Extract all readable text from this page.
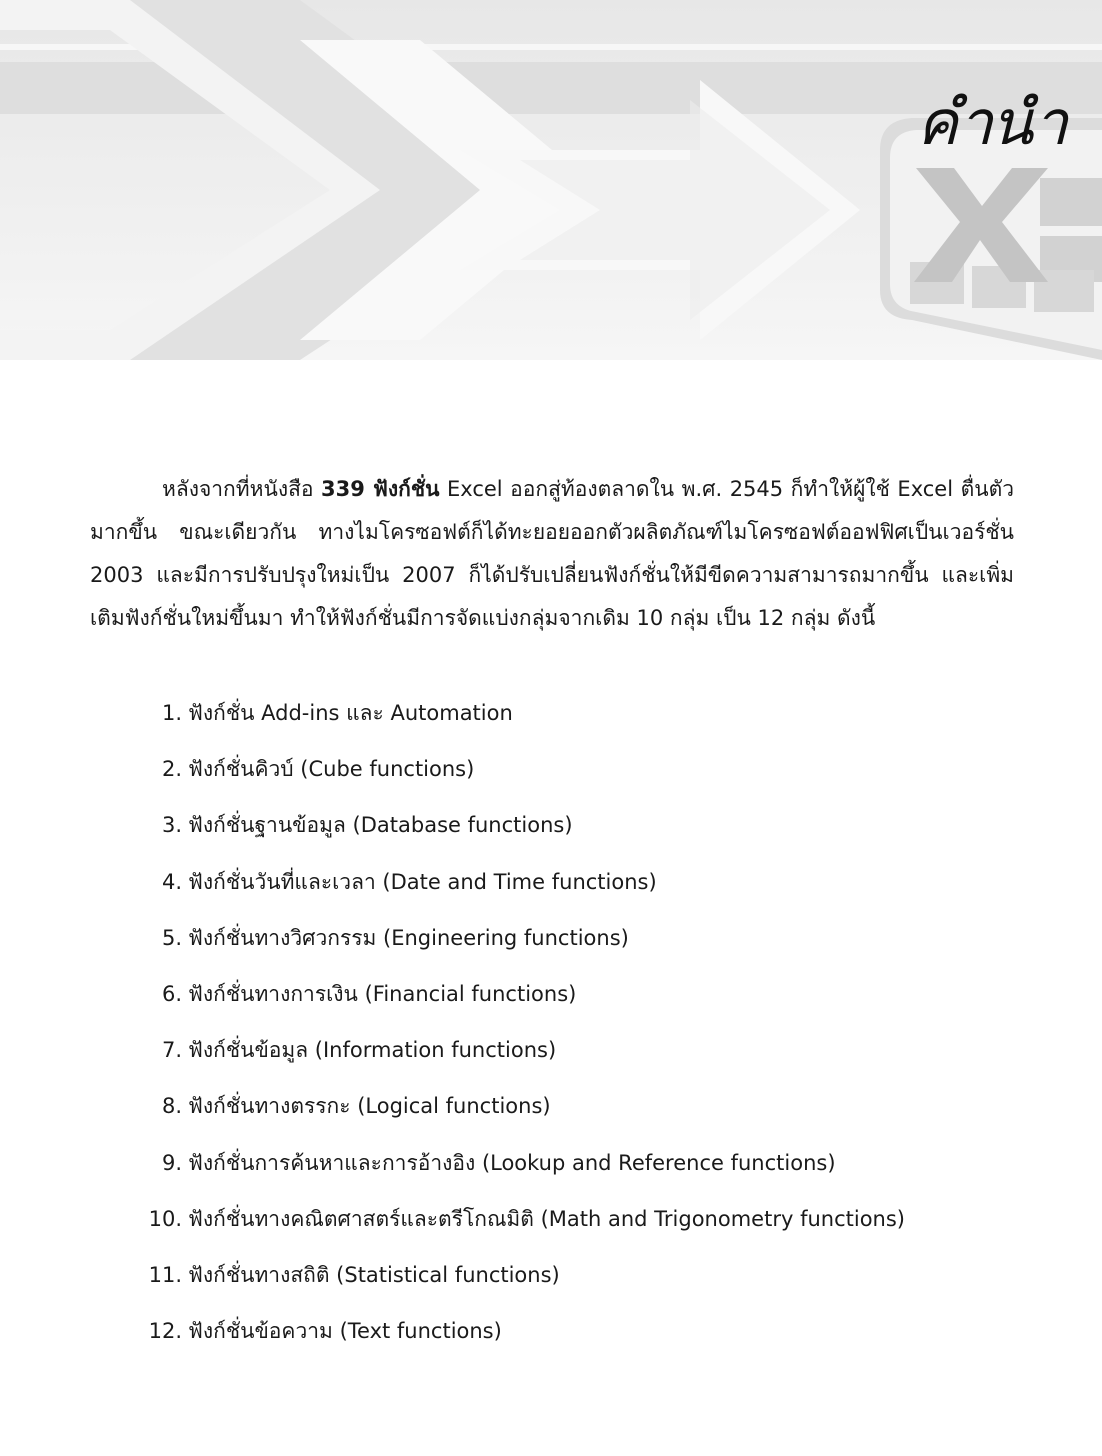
คำนำ

หลังจากที่หนังสือ 339 ฟังก์ชั่น Excel ออกสู่ท้องตลาดใน พ.ศ. 2545 ก็ทำให้ผู้ใช้ Excel ตื่นตัวมากขึ้น ขณะเดียวกัน ทางไมโครซอฟต์ก็ได้ทะยอยออกตัวผลิตภัณฑ์ไมโครซอฟต์ออฟฟิศเป็นเวอร์ชั่น 2003 และมีการปรับปรุงใหม่เป็น 2007 ก็ได้ปรับเปลี่ยนฟังก์ชั่นให้มีขีดความสามารถมากขึ้น และเพิ่มเติมฟังก์ชั่นใหม่ขึ้นมา ทำให้ฟังก์ชั่นมีการจัดแบ่งกลุ่มจากเดิม 10 กลุ่ม เป็น 12 กลุ่ม ดังนี้

1. ฟังก์ชั่น Add-ins และ Automation
2. ฟังก์ชั่นคิวบ์ (Cube functions)
3. ฟังก์ชั่นฐานข้อมูล (Database functions)
4. ฟังก์ชั่นวันที่และเวลา (Date and Time functions)
5. ฟังก์ชั่นทางวิศวกรรม (Engineering functions)
6. ฟังก์ชั่นทางการเงิน (Financial functions)
7. ฟังก์ชั่นข้อมูล (Information functions)
8. ฟังก์ชั่นทางตรรกะ (Logical functions)
9. ฟังก์ชั่นการค้นหาและการอ้างอิง (Lookup and Reference functions)
10. ฟังก์ชั่นทางคณิตศาสตร์และตรีโกณมิติ (Math and Trigonometry functions)
11. ฟังก์ชั่นทางสถิติ (Statistical functions)
12. ฟังก์ชั่นข้อความ (Text functions)
